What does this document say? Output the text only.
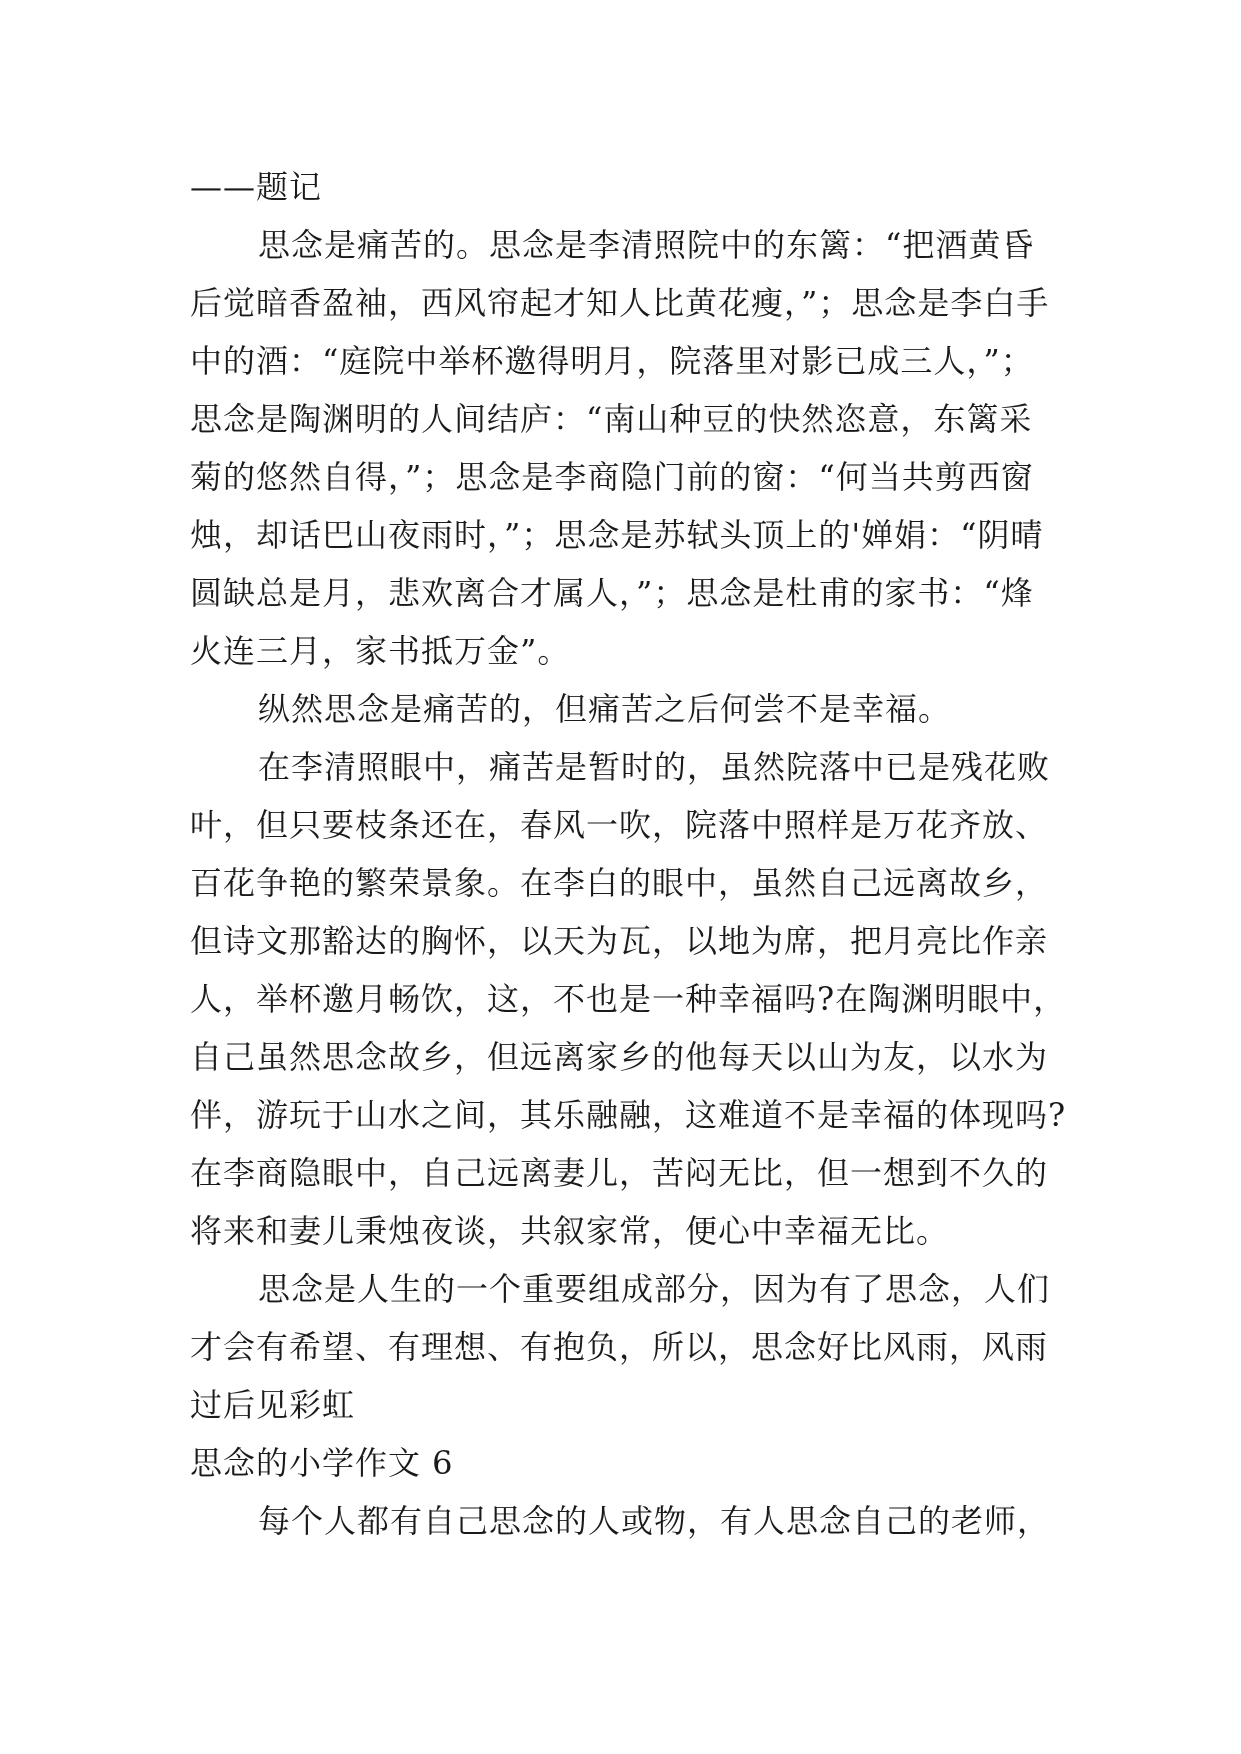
——题记
思念是痛苦的。思念是李清照院中的东篱：“把酒黄昏
后觉暗香盈袖，西风帘起才知人比黄花瘦，”；思念是李白手
中的酒：“庭院中举杯邀得明月，院落里对影已成三人，”；
思念是陶渊明的人间结庐：“南山种豆的快然恣意，东篱采
菊的悠然自得，”；思念是李商隐门前的窗：“何当共剪西窗
烛，却话巴山夜雨时，”；思念是苏轼头顶上的'婵娟：“阴晴
圆缺总是月，悲欢离合才属人，”；思念是杜甫的家书：“烽
火连三月，家书抵万金”。
纵然思念是痛苦的，但痛苦之后何尝不是幸福。
在李清照眼中，痛苦是暂时的，虽然院落中已是残花败
叶，但只要枝条还在，春风一吹，院落中照样是万花齐放、
百花争艳的繁荣景象。在李白的眼中，虽然自己远离故乡，
但诗文那豁达的胸怀，以天为瓦，以地为席，把月亮比作亲
人，举杯邀月畅饮，这，不也是一种幸福吗?在陶渊明眼中，
自己虽然思念故乡，但远离家乡的他每天以山为友，以水为
伴，游玩于山水之间，其乐融融，这难道不是幸福的体现吗?
在李商隐眼中，自己远离妻儿，苦闷无比，但一想到不久的
将来和妻儿秉烛夜谈，共叙家常，便心中幸福无比。
思念是人生的一个重要组成部分，因为有了思念，人们
才会有希望、有理想、有抱负，所以，思念好比风雨，风雨
过后见彩虹
思念的小学作文 6
每个人都有自己思念的人或物，有人思念自己的老师，
